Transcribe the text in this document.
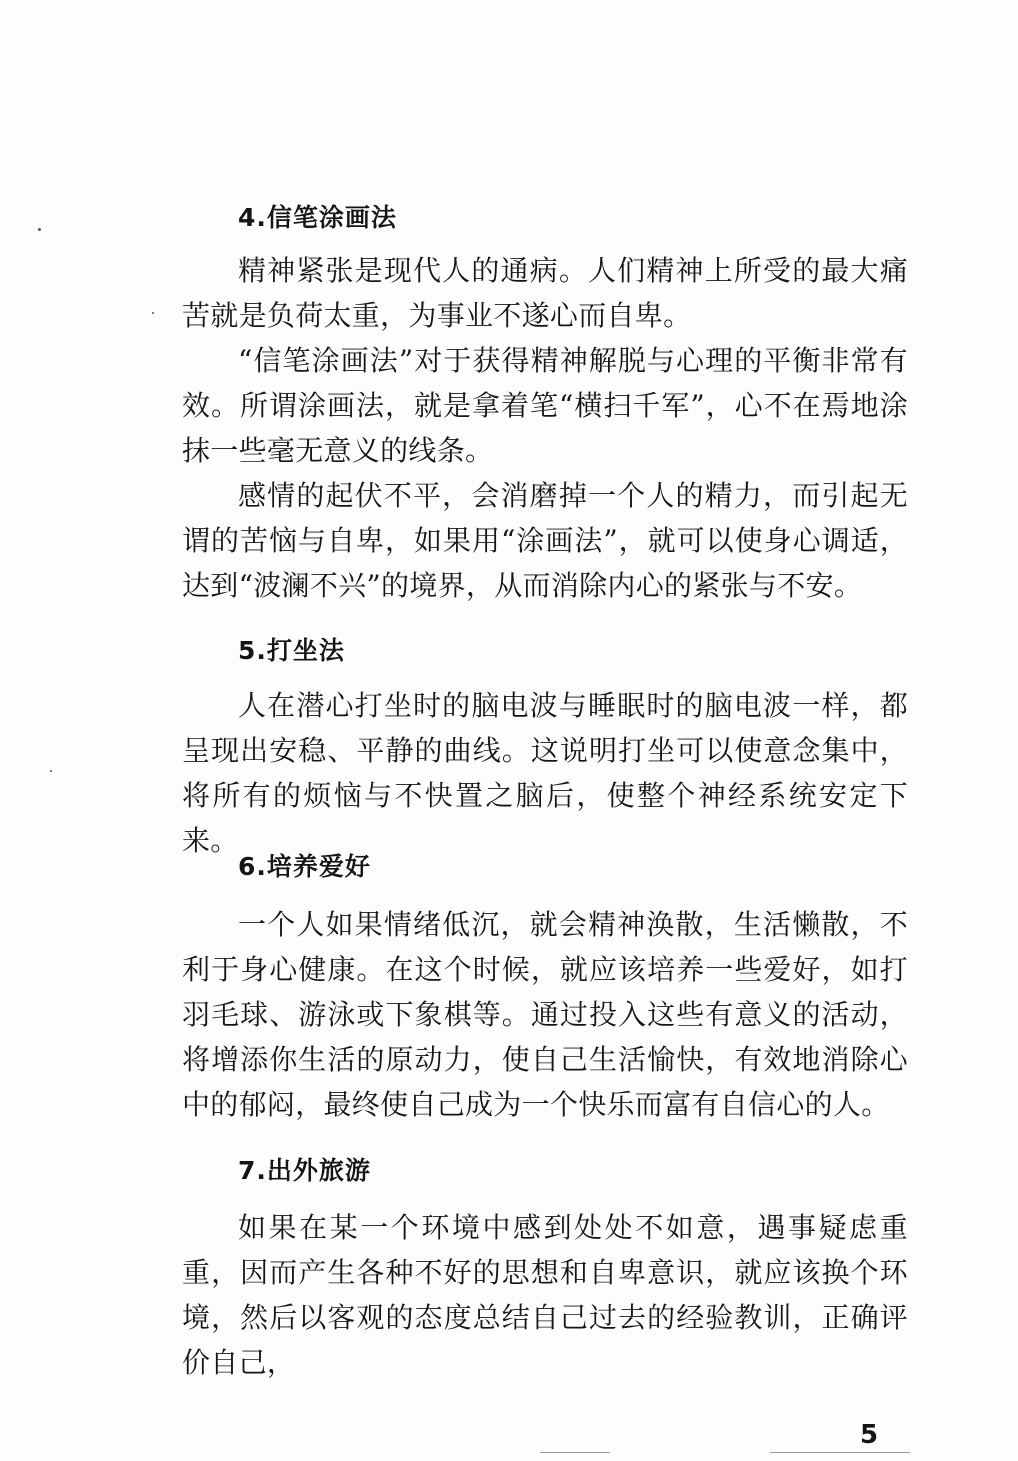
4.信笔涂画法

精神紧张是现代人的通病。人们精神上所受的最大痛苦就是负荷太重，为事业不遂心而自卑。

“信笔涂画法”对于获得精神解脱与心理的平衡非常有效。所谓涂画法，就是拿着笔“横扫千军”，心不在焉地涂抹一些毫无意义的线条。

感情的起伏不平，会消磨掉一个人的精力，而引起无谓的苦恼与自卑，如果用“涂画法”，就可以使身心调适，达到“波澜不兴”的境界，从而消除内心的紧张与不安。

5.打坐法

人在潜心打坐时的脑电波与睡眠时的脑电波一样，都呈现出安稳、平静的曲线。这说明打坐可以使意念集中，将所有的烦恼与不快置之脑后，使整个神经系统安定下来。

6.培养爱好

一个人如果情绪低沉，就会精神涣散，生活懒散，不利于身心健康。在这个时候，就应该培养一些爱好，如打羽毛球、游泳或下象棋等。通过投入这些有意义的活动，将增添你生活的原动力，使自己生活愉快，有效地消除心中的郁闷，最终使自己成为一个快乐而富有自信心的人。

7.出外旅游

如果在某一个环境中感到处处不如意，遇事疑虑重重，因而产生各种不好的思想和自卑意识，就应该换个环境，然后以客观的态度总结自己过去的经验教训，正确评价自己，

5
